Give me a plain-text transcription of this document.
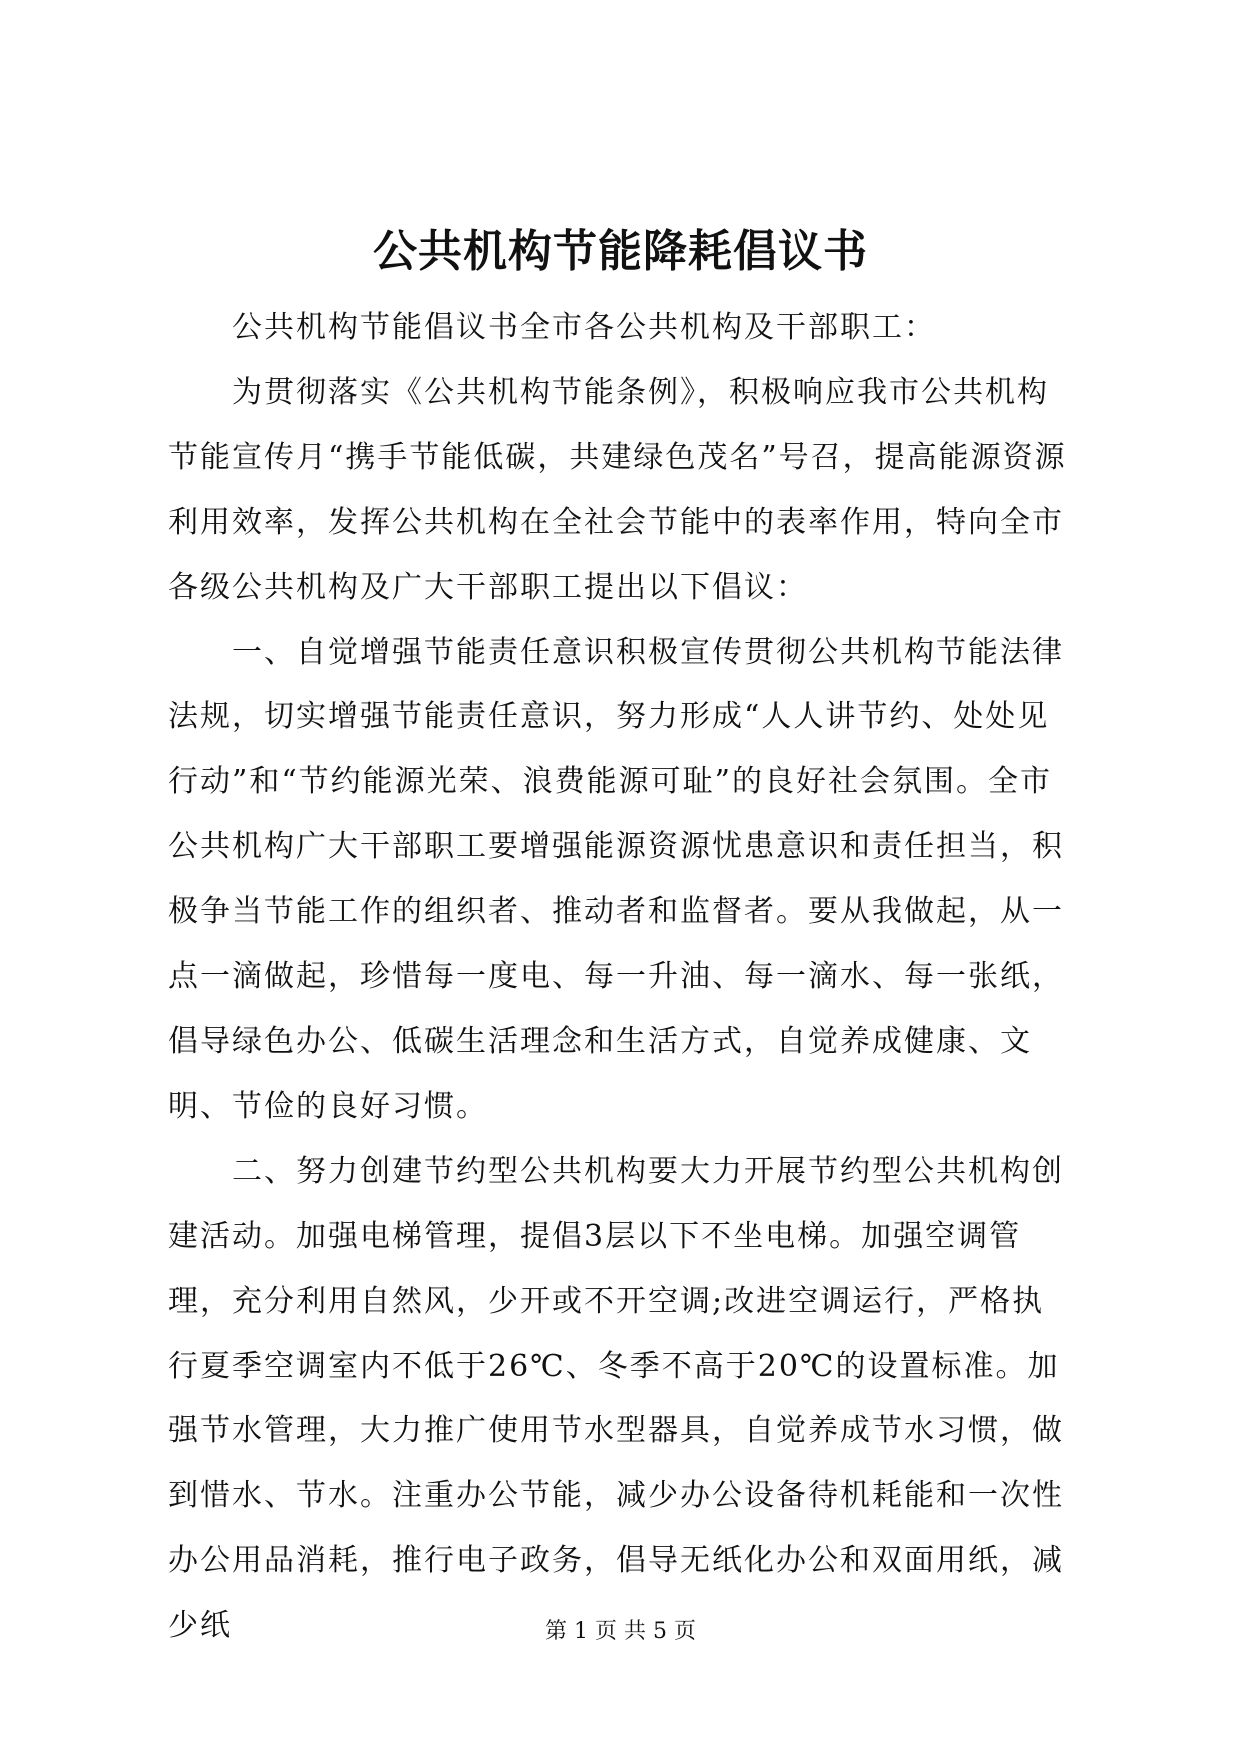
公共机构节能降耗倡议书

公共机构节能倡议书全市各公共机构及干部职工：

为贯彻落实《公共机构节能条例》，积极响应我市公共机构节能宣传月“携手节能低碳，共建绿色茂名”号召，提高能源资源利用效率，发挥公共机构在全社会节能中的表率作用，特向全市各级公共机构及广大干部职工提出以下倡议：

一、自觉增强节能责任意识积极宣传贯彻公共机构节能法律法规，切实增强节能责任意识，努力形成“人人讲节约、处处见行动”和“节约能源光荣、浪费能源可耻”的良好社会氛围。全市公共机构广大干部职工要增强能源资源忧患意识和责任担当，积极争当节能工作的组织者、推动者和监督者。要从我做起，从一点一滴做起，珍惜每一度电、每一升油、每一滴水、每一张纸，倡导绿色办公、低碳生活理念和生活方式，自觉养成健康、文明、节俭的良好习惯。

二、努力创建节约型公共机构要大力开展节约型公共机构创建活动。加强电梯管理，提倡3层以下不坐电梯。加强空调管理，充分利用自然风，少开或不开空调;改进空调运行，严格执行夏季空调室内不低于26℃、冬季不高于20℃的设置标准。加强节水管理，大力推广使用节水型器具，自觉养成节水习惯，做到惜水、节水。注重办公节能，减少办公设备待机耗能和一次性办公用品消耗，推行电子政务，倡导无纸化办公和双面用纸，减少纸	第 1 页 共 5 页
